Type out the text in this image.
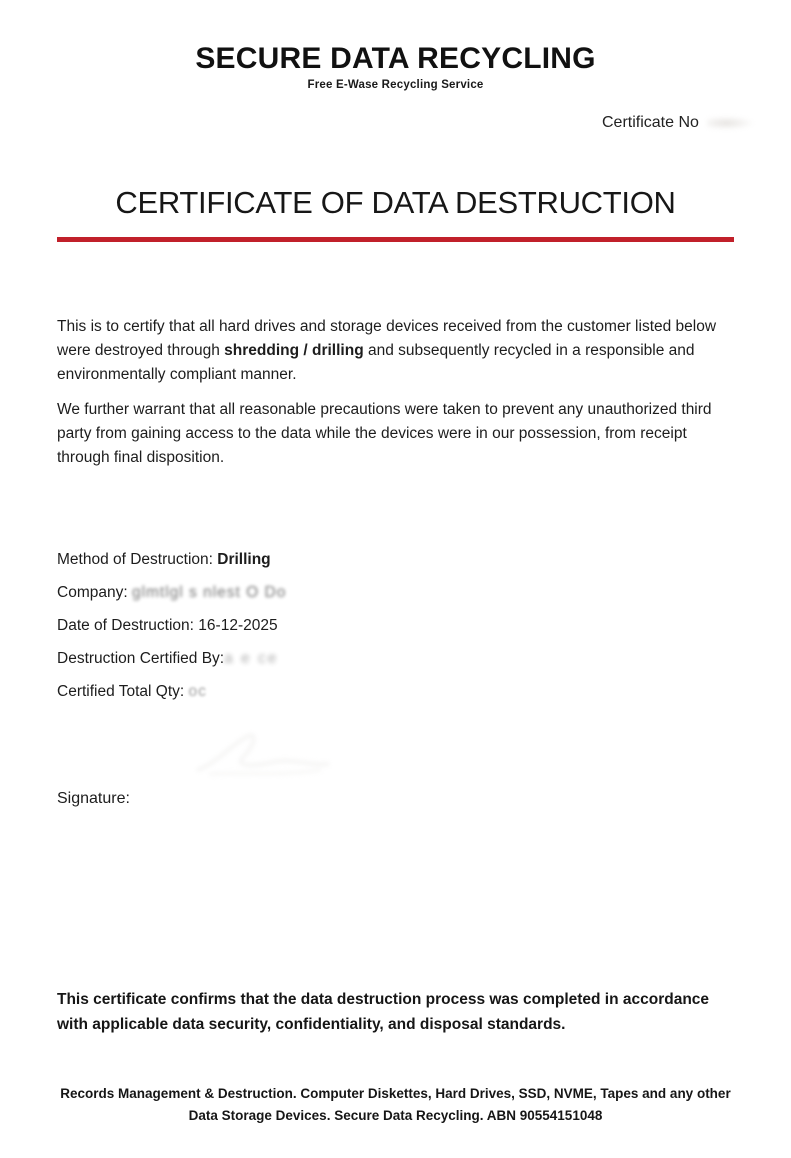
SECURE DATA RECYCLING
Free E-Wase Recycling Service
Certificate No
CERTIFICATE OF DATA DESTRUCTION

This is to certify that all hard drives and storage devices received from the customer listed below were destroyed through shredding / drilling and subsequently recycled in a responsible and environmentally compliant manner.

We further warrant that all reasonable precautions were taken to prevent any unauthorized third party from gaining access to the data while the devices were in our possession, from receipt through final disposition.

Method of Destruction: Drilling
Company: glmtlgl s nlest O Do
Date of Destruction: 16-12-2025
Destruction Certified By:a e ce
Certified Total Qty: oc
Signature:

This certificate confirms that the data destruction process was completed in accordance with applicable data security, confidentiality, and disposal standards.

Records Management & Destruction. Computer Diskettes, Hard Drives, SSD, NVME, Tapes and any other Data Storage Devices. Secure Data Recycling. ABN 90554151048
